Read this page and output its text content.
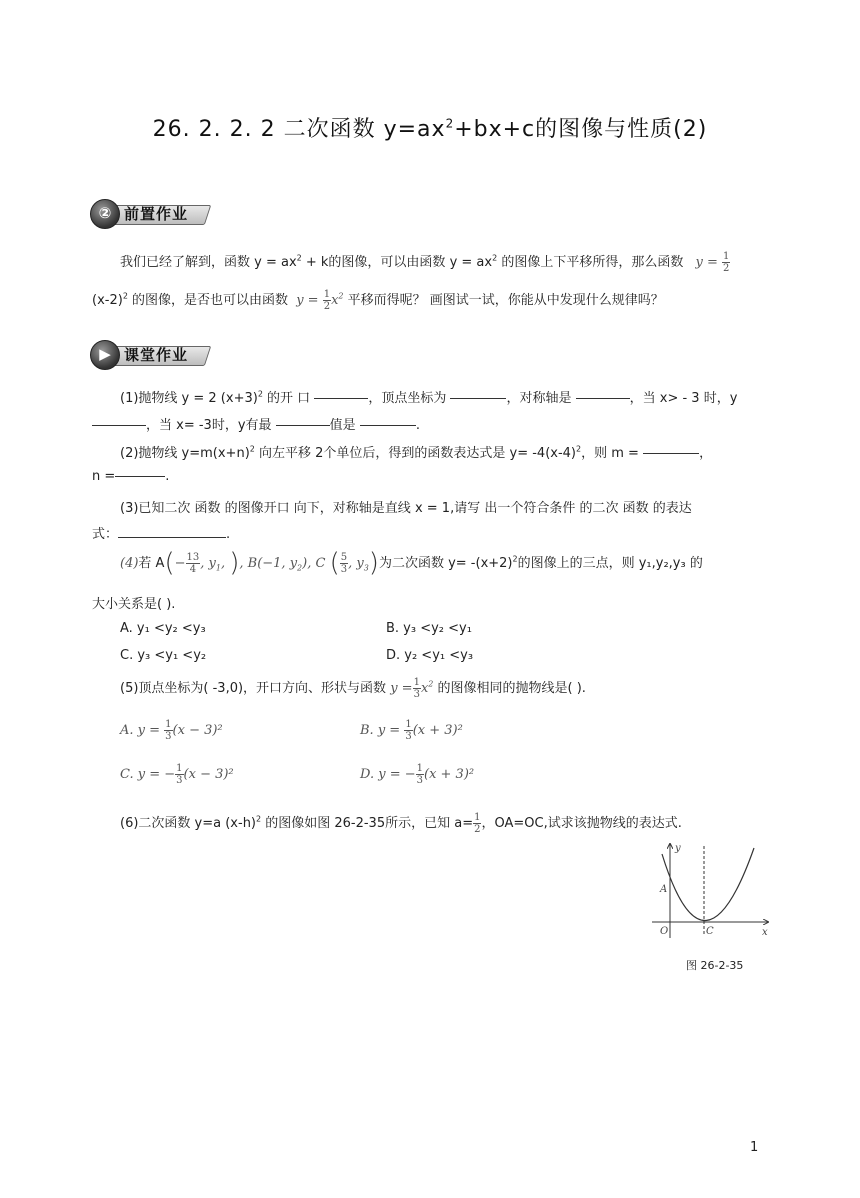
26. 2. 2. 2 二次函数 $y=ax^2+bx+c$的图像与性质(2)
② 前置作业
我们已经了解到，函数 $y = ax^2 + k$的图像，可以由函数 $y = ax^2$ 的图像上下平移所得，那么函数 $y = \frac{1}{2}$
$(x-2)^2$ 的图像，是否也可以由函数 $y = \frac{1}{2} x^2$ 平移而得呢？ 画图试一试，你能从中发现什么规律吗？
▶ 课堂作业
(1)抛物线 y = 2 $(x+3)^2$ 的开 口	，顶点坐标为	，对称轴是	，当 x> - 3 时，y
，当 x= -3时，y有最	值是	.
(2)抛物线 $y=m(x+n)^2$ 向左平移 2个单位后，得到的函数表达式是 $y= -4(x-4)^2$，则 m =	，
n =	.
(3)已知二次 函数 的图像开口 向下，对称轴是直线 x = 1,请写 出一个符合条件 的二次 函数 的表达
式：	.
(4)若 $A(- \frac{13}{4}$ , $y_1$, ), B(−1, $y_2$), C ( $\frac{5}{3}$ , $y_3$)为二次函数 $y= -(x+2)^2$的图像上的三点，则 y₁,y₂,y₃ 的
大小关系是( ).
A. y₁ <y₂ <y₃	B. y₃ <y₂ <y₁
C. y₃ <y₁ <y₂	D. y₂ <y₁ <y₃
(5)顶点坐标为( -3,0)，开口方向、形状与函数 $y = \frac{1}{3} x^2$ 的图像相同的抛物线是( ).
A. $y = \frac{1}{3} (x - 3)^2$	B. $y = \frac{1}{3} (x + 3)^2$
C. y = − $\frac{1}{3} (x - 3)^2$	D. y = − $\frac{1}{3} (x + 3)^2$
(6)二次函数 y=a $(x-h)^2$ 的图像如图 26-2-35所示，已知 $a= \frac{1}{2}$ ，OA=OC,试求该抛物线的表达式.
y
x
O
A
C
图 26-2-35
1
